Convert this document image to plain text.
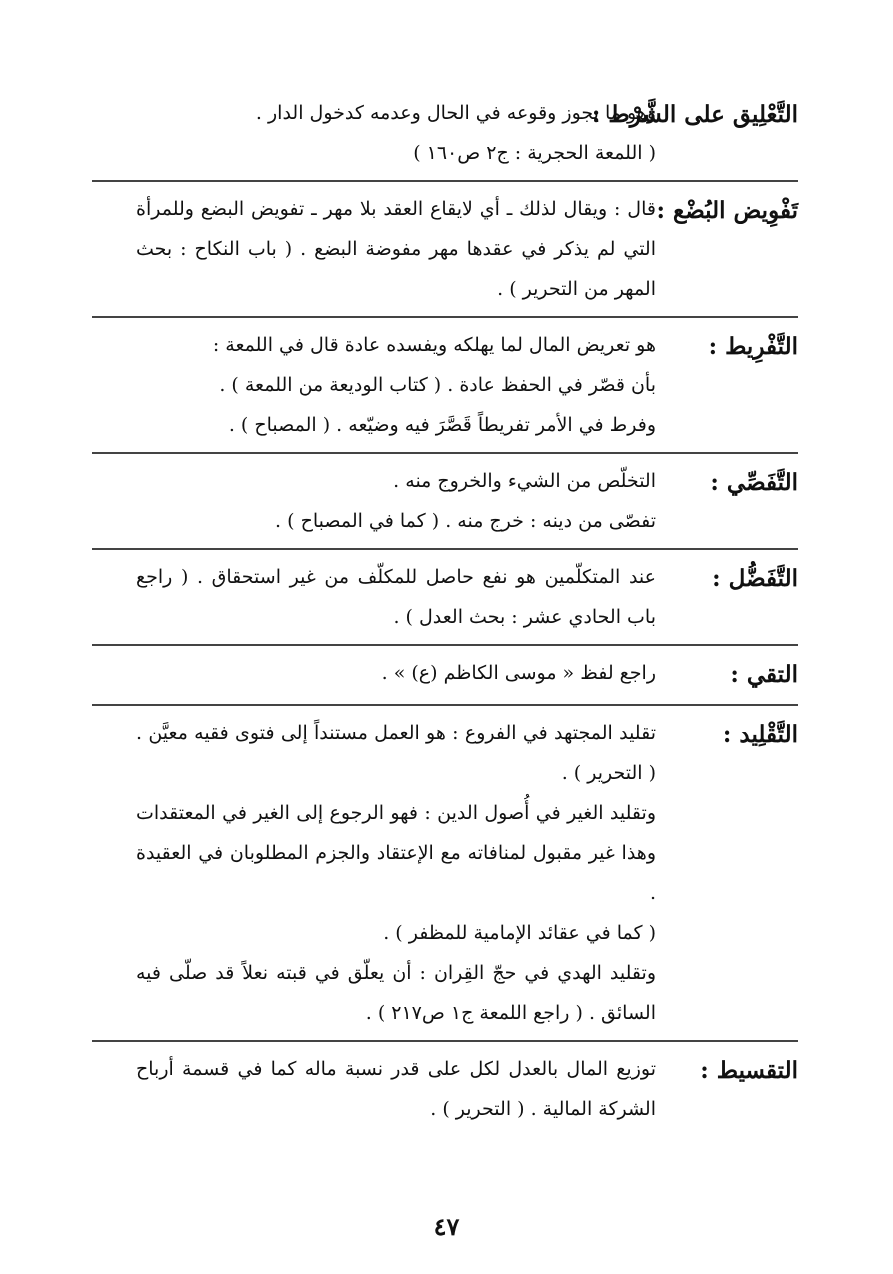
التَّعْلِيق على الشَّرْط :
وهو ما يجوز وقوعه في الحال وعدمه كدخول الدار .
( اللمعة الحجرية : ج٢ ص١٦٠ )
تَفْوِيض البُضْع :
قال : ويقال لذلك ـ أي لايقاع العقد بلا مهر ـ تفويض البضع وللمرأة التي لم يذكر في عقدها مهر مفوضة البضع . ( باب النكاح : بحث المهر من التحرير ) .
التَّفْرِيط :
هو تعريض المال لما يهلكه ويفسده عادة قال في اللمعة :
بأن قصّر في الحفظ عادة . ( كتاب الوديعة من اللمعة ) .
وفرط في الأمر تفريطاً قَصَّرَ فيه وضيّعه . ( المصباح ) .
التَّفَصِّي :
التخلّص من الشيء والخروج منه .
تفصّى من دينه : خرج منه . ( كما في المصباح ) .
التَّفَضُّل :
عند المتكلّمين هو نفع حاصل للمكلّف من غير استحقاق . ( راجع باب الحادي عشر : بحث العدل ) .
التقي :
راجع لفظ « موسى الكاظم (ع) » .
التَّقْلِيد :
تقليد المجتهد في الفروع : هو العمل مستنداً إلى فتوى فقيه معيَّن . ( التحرير ) .
وتقليد الغير في أُصول الدين : فهو الرجوع إلى الغير في المعتقدات وهذا غير مقبول لمنافاته مع الإعتقاد والجزم المطلوبان في العقيدة .
( كما في عقائد الإمامية للمظفر ) .
وتقليد الهدي في حجّ القِران : أن يعلّق في قبته نعلاً قد صلّى فيه السائق . ( راجع اللمعة ج١ ص٢١٧ ) .
التقسيط :
توزيع المال بالعدل لكل على قدر نسبة ماله كما في قسمة أرباح الشركة المالية . ( التحرير ) .
٤٧
